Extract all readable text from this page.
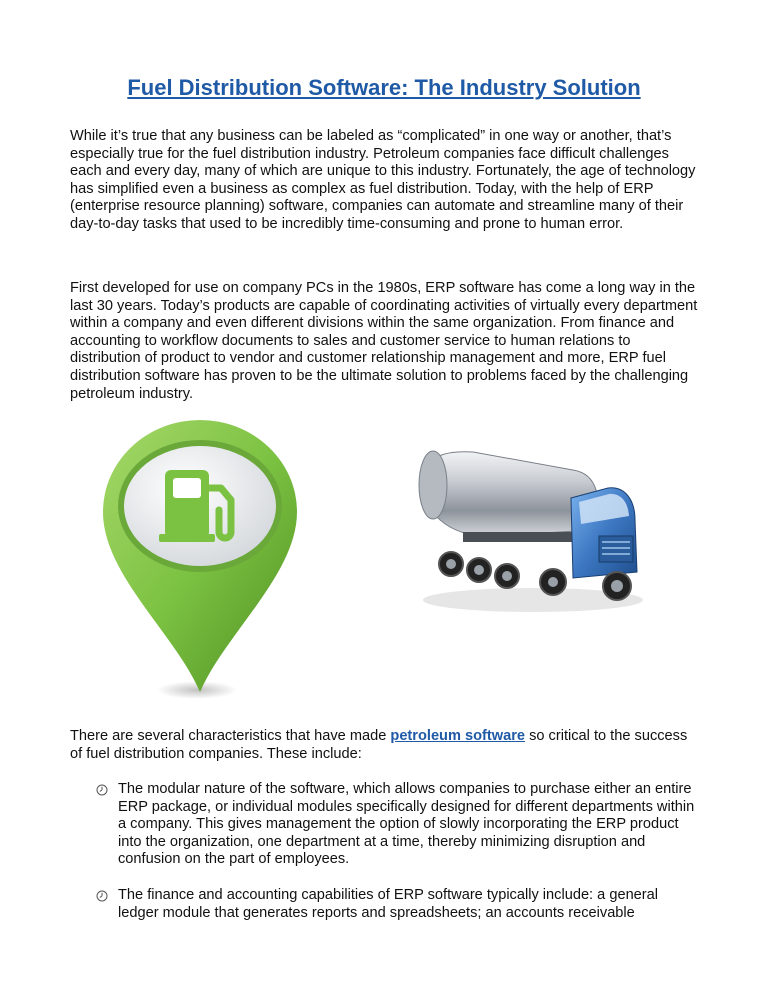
Fuel Distribution Software: The Industry Solution

While it’s true that any business can be labeled as “complicated” in one way or another, that’s especially true for the fuel distribution industry. Petroleum companies face difficult challenges each and every day, many of which are unique to this industry. Fortunately, the age of technology has simplified even a business as complex as fuel distribution. Today, with the help of ERP (enterprise resource planning) software, companies can automate and streamline many of their day-to-day tasks that used to be incredibly time-consuming and prone to human error.

First developed for use on company PCs in the 1980s, ERP software has come a long way in the last 30 years. Today’s products are capable of coordinating activities of virtually every department within a company and even different divisions within the same organization. From finance and accounting to workflow documents to sales and customer service to human relations to distribution of product to vendor and customer relationship management and more, ERP fuel distribution software has proven to be the ultimate solution to problems faced by the challenging petroleum industry.

There are several characteristics that have made petroleum software so critical to the success of fuel distribution companies. These include:

The modular nature of the software, which allows companies to purchase either an entire ERP package, or individual modules specifically designed for different departments within a company. This gives management the option of slowly incorporating the ERP product into the organization, one department at a time, thereby minimizing disruption and confusion on the part of employees.
The finance and accounting capabilities of ERP software typically include: a general ledger module that generates reports and spreadsheets; an accounts receivable
